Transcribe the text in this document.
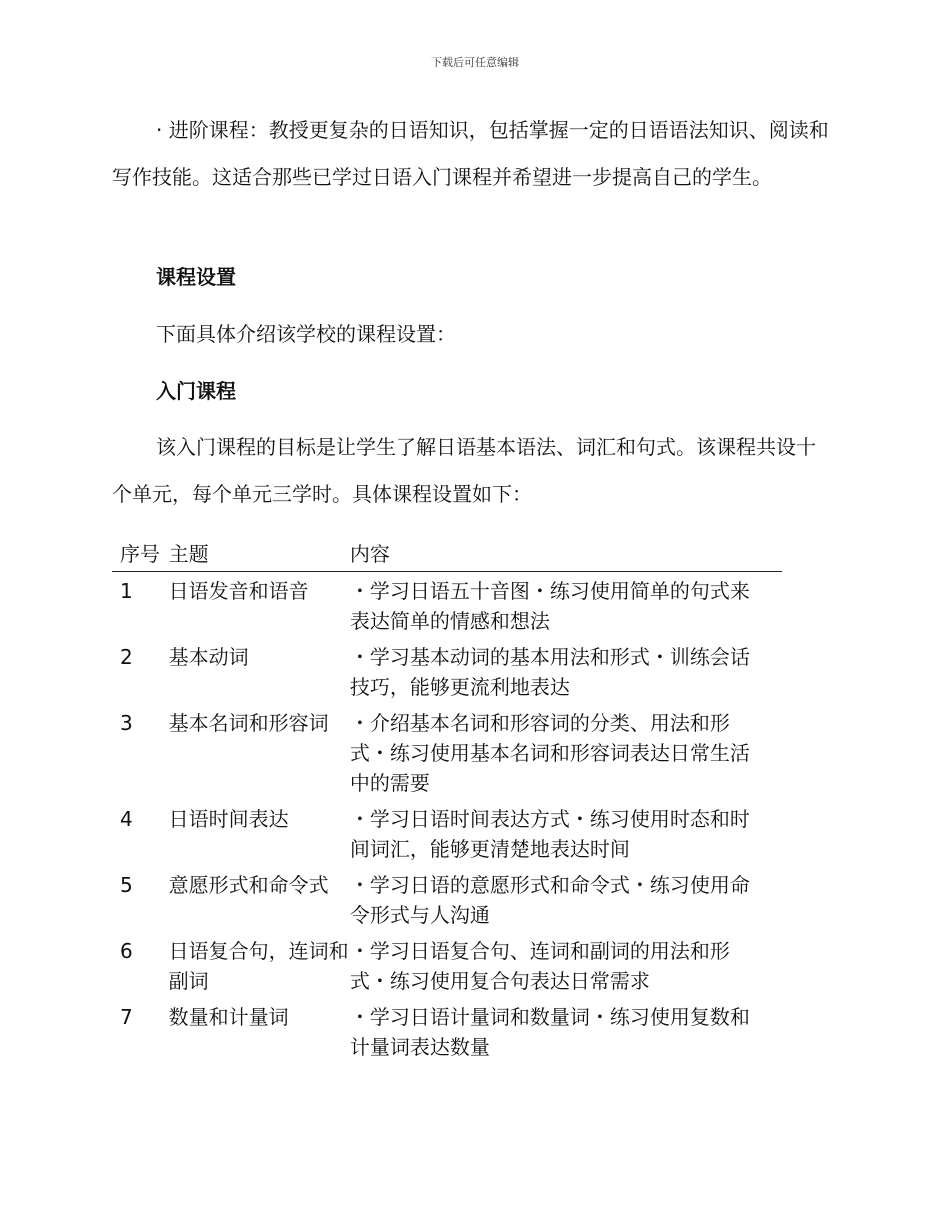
下载后可任意编辑

· 进阶课程：教授更复杂的日语知识，包括掌握一定的日语语法知识、阅读和写作技能。这适合那些已学过日语入门课程并希望进一步提高自己的学生。

课程设置

下面具体介绍该学校的课程设置：

入门课程

该入门课程的目标是让学生了解日语基本语法、词汇和句式。该课程共设十个单元，每个单元三学时。具体课程设置如下：

序号	主题	内容
1	日语发音和语音	・学习日语五十音图・练习使用简单的句式来表达简单的情感和想法
2	基本动词	・学习基本动词的基本用法和形式・训练会话技巧，能够更流利地表达
3	基本名词和形容词	・介绍基本名词和形容词的分类、用法和形式・练习使用基本名词和形容词表达日常生活中的需要
4	日语时间表达	・学习日语时间表达方式・练习使用时态和时间词汇，能够更清楚地表达时间
5	意愿形式和命令式	・学习日语的意愿形式和命令式・练习使用命令形式与人沟通
6	日语复合句，连词和副词	・学习日语复合句、连词和副词的用法和形式・练习使用复合句表达日常需求
7	数量和计量词	・学习日语计量词和数量词・练习使用复数和计量词表达数量
